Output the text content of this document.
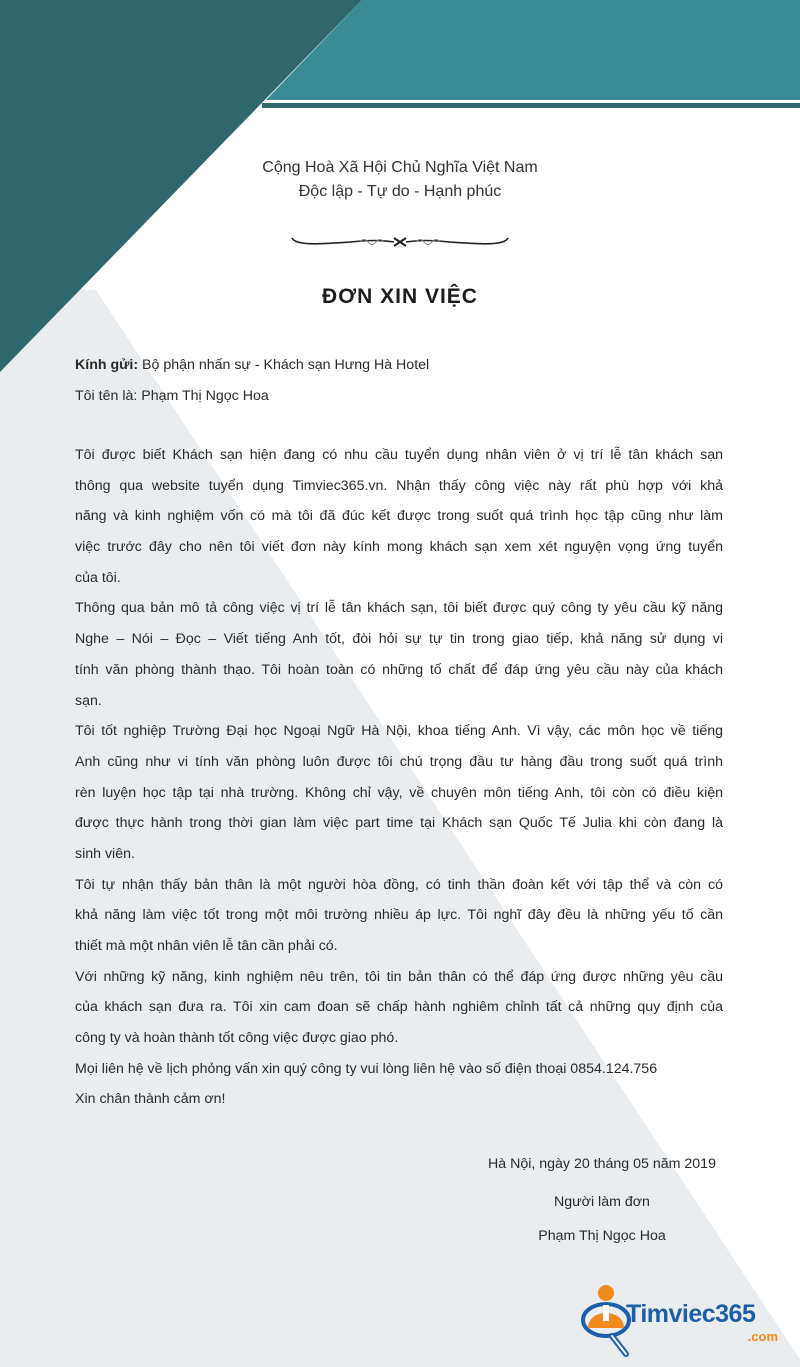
Cộng Hoà Xã Hội Chủ Nghĩa Việt Nam
Độc lập - Tự do - Hạnh phúc
ĐƠN XIN VIỆC
Kính gửi: Bộ phận nhấn sự - Khách sạn Hưng Hà Hotel
Tôi tên là: Phạm Thị Ngọc Hoa
Tôi được biết Khách sạn hiện đang có nhu cầu tuyển dụng nhân viên ở vị trí lễ tân khách sạn
thông qua website tuyển dụng Timviec365.vn. Nhận thấy công việc này rất phù hợp với khả
năng và kinh nghiệm vốn có mà tôi đã đúc kết được trong suốt quá trình học tập cũng như làm
việc trước đây cho nên tôi viết đơn này kính mong khách sạn xem xét nguyện vọng ứng tuyển
của tôi.
Thông qua bản mô tả công việc vị trí lễ tân khách sạn, tôi biết được quý công ty yêu cầu kỹ năng
Nghe – Nói – Đọc – Viết tiếng Anh tốt, đòi hỏi sự tự tin trong giao tiếp, khả năng sử dụng vi
tính văn phòng thành thạo. Tôi hoàn toàn có những tố chất để đáp ứng yêu cầu này của khách
sạn.
Tôi tốt nghiệp Trường Đại học Ngoại Ngữ Hà Nội, khoa tiếng Anh. Vì vậy, các môn học về tiếng
Anh cũng như vi tính văn phòng luôn được tôi chú trọng đầu tư hàng đầu trong suốt quá trình
rèn luyện học tập tại nhà trường. Không chỉ vậy, về chuyên môn tiếng Anh, tôi còn có điều kiện
được thực hành trong thời gian làm việc part time tại Khách sạn Quốc Tế Julia khi còn đang là
sinh viên.
Tôi tự nhận thấy bản thân là một người hòa đồng, có tinh thần đoàn kết với tập thể và còn có
khả năng làm việc tốt trong một môi trường nhiều áp lực. Tôi nghĩ đây đều là những yếu tố cần
thiết mà một nhân viên lễ tân cần phải có.
Với những kỹ năng, kinh nghiệm nêu trên, tôi tin bản thân có thể đáp ứng được những yêu cầu
của khách sạn đưa ra. Tôi xin cam đoan sẽ chấp hành nghiêm chỉnh tất cả những quy định của
công ty và hoàn thành tốt công việc được giao phó.
Mọi liên hệ về lịch phỏng vấn xin quý công ty vui lòng liên hệ vào số điện thoại 0854.124.756
Xin chân thành cảm ơn!
Hà Nội, ngày 20 tháng 05 năm 2019
Người làm đơn
Phạm Thị Ngọc Hoa
Timviec365
.com
